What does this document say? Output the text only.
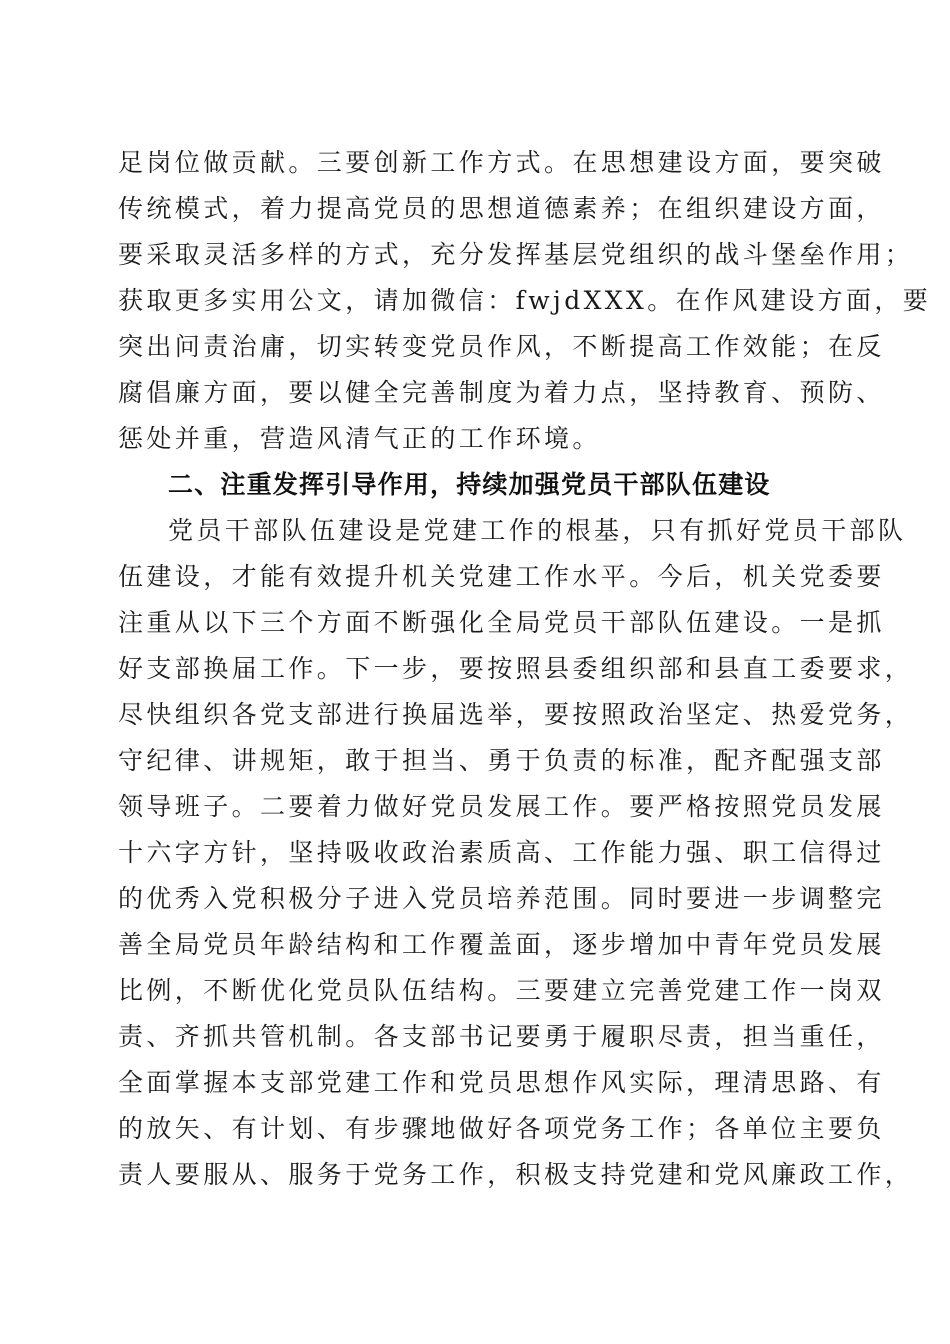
足岗位做贡献。三要创新工作方式。在思想建设方面，要突破
传统模式，着力提高党员的思想道德素养；在组织建设方面，
要采取灵活多样的方式，充分发挥基层党组织的战斗堡垒作用；
获取更多实用公文，请加微信：fwjdXXX。在作风建设方面，要
突出问责治庸，切实转变党员作风，不断提高工作效能；在反
腐倡廉方面，要以健全完善制度为着力点，坚持教育、预防、
惩处并重，营造风清气正的工作环境。
二、注重发挥引导作用，持续加强党员干部队伍建设
党员干部队伍建设是党建工作的根基，只有抓好党员干部队
伍建设，才能有效提升机关党建工作水平。今后，机关党委要
注重从以下三个方面不断强化全局党员干部队伍建设。一是抓
好支部换届工作。下一步，要按照县委组织部和县直工委要求，
尽快组织各党支部进行换届选举，要按照政治坚定、热爱党务，
守纪律、讲规矩，敢于担当、勇于负责的标准，配齐配强支部
领导班子。二要着力做好党员发展工作。要严格按照党员发展
十六字方针，坚持吸收政治素质高、工作能力强、职工信得过
的优秀入党积极分子进入党员培养范围。同时要进一步调整完
善全局党员年龄结构和工作覆盖面，逐步增加中青年党员发展
比例，不断优化党员队伍结构。三要建立完善党建工作一岗双
责、齐抓共管机制。各支部书记要勇于履职尽责，担当重任，
全面掌握本支部党建工作和党员思想作风实际，理清思路、有
的放矢、有计划、有步骤地做好各项党务工作；各单位主要负
责人要服从、服务于党务工作，积极支持党建和党风廉政工作，
